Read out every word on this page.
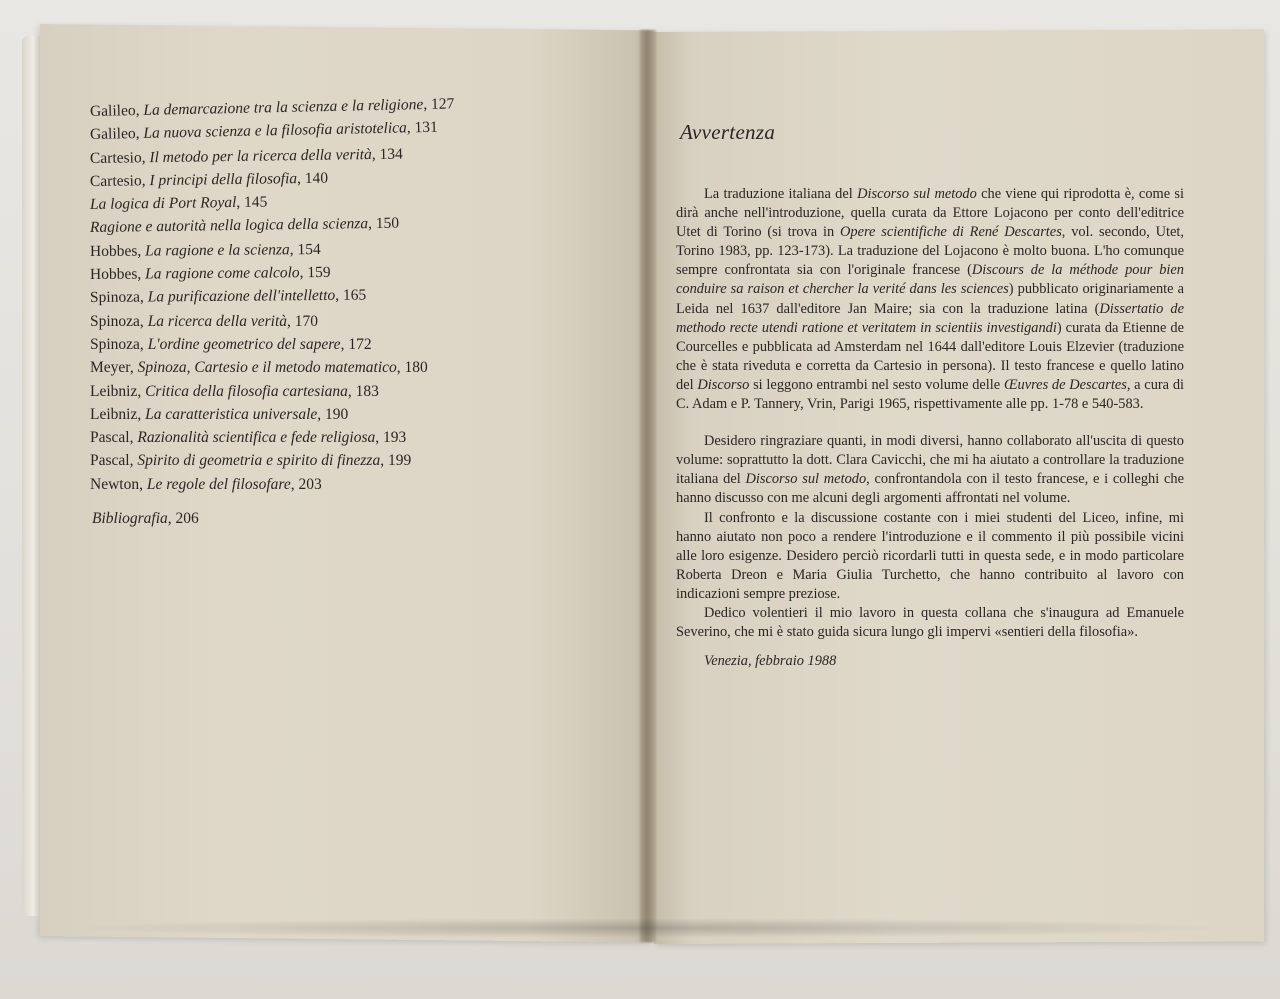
Galileo, La demarcazione tra la scienza e la religione, 127
Galileo, La nuova scienza e la filosofia aristotelica, 131
Cartesio, Il metodo per la ricerca della verità, 134
Cartesio, I principi della filosofia, 140
La logica di Port Royal, 145
Ragione e autorità nella logica della scienza, 150
Hobbes, La ragione e la scienza, 154
Hobbes, La ragione come calcolo, 159
Spinoza, La purificazione dell'intelletto, 165
Spinoza, La ricerca della verità, 170
Spinoza, L'ordine geometrico del sapere, 172
Meyer, Spinoza, Cartesio e il metodo matematico, 180
Leibniz, Critica della filosofia cartesiana, 183
Leibniz, La caratteristica universale, 190
Pascal, Razionalità scientifica e fede religiosa, 193
Pascal, Spirito di geometria e spirito di finezza, 199
Newton, Le regole del filosofare, 203
Bibliografia, 206
Avvertenza

La traduzione italiana del Discorso sul metodo che viene qui riprodotta è, come si dirà anche nell'introduzione, quella curata da Ettore Lojacono per conto dell'editrice Utet di Torino (si trova in Opere scientifiche di René Descartes, vol. secondo, Utet, Torino 1983, pp. 123-173). La traduzione del Lojacono è molto buona. L'ho comunque sempre confrontata sia con l'originale francese (Discours de la méthode pour bien conduire sa raison et chercher la verité dans les sciences) pubblicato originariamente a Leida nel 1637 dall'editore Jan Maire; sia con la traduzione latina (Dissertatio de methodo recte utendi ratione et veritatem in scientiis investigandi) curata da Etienne de Courcelles e pubblicata ad Amsterdam nel 1644 dall'editore Louis Elzevier (traduzione che è stata riveduta e corretta da Cartesio in persona). Il testo francese e quello latino del Discorso si leggono entrambi nel sesto volume delle Œuvres de Descartes, a cura di C. Adam e P. Tannery, Vrin, Parigi 1965, rispettivamente alle pp. 1-78 e 540-583.

Desidero ringraziare quanti, in modi diversi, hanno collaborato all'uscita di questo volume: soprattutto la dott. Clara Cavicchi, che mi ha aiutato a controllare la traduzione italiana del Discorso sul metodo, confrontandola con il testo francese, e i colleghi che hanno discusso con me alcuni degli argomenti affrontati nel volume.

Il confronto e la discussione costante con i miei studenti del Liceo, infine, mi hanno aiutato non poco a rendere l'introduzione e il commento il più possibile vicini alle loro esigenze. Desidero perciò ricordarli tutti in questa sede, e in modo particolare Roberta Dreon e Maria Giulia Turchetto, che hanno contribuito al lavoro con indicazioni sempre preziose.

Dedico volentieri il mio lavoro in questa collana che s'inaugura ad Emanuele Severino, che mi è stato guida sicura lungo gli impervi «sentieri della filosofia».

Venezia, febbraio 1988
